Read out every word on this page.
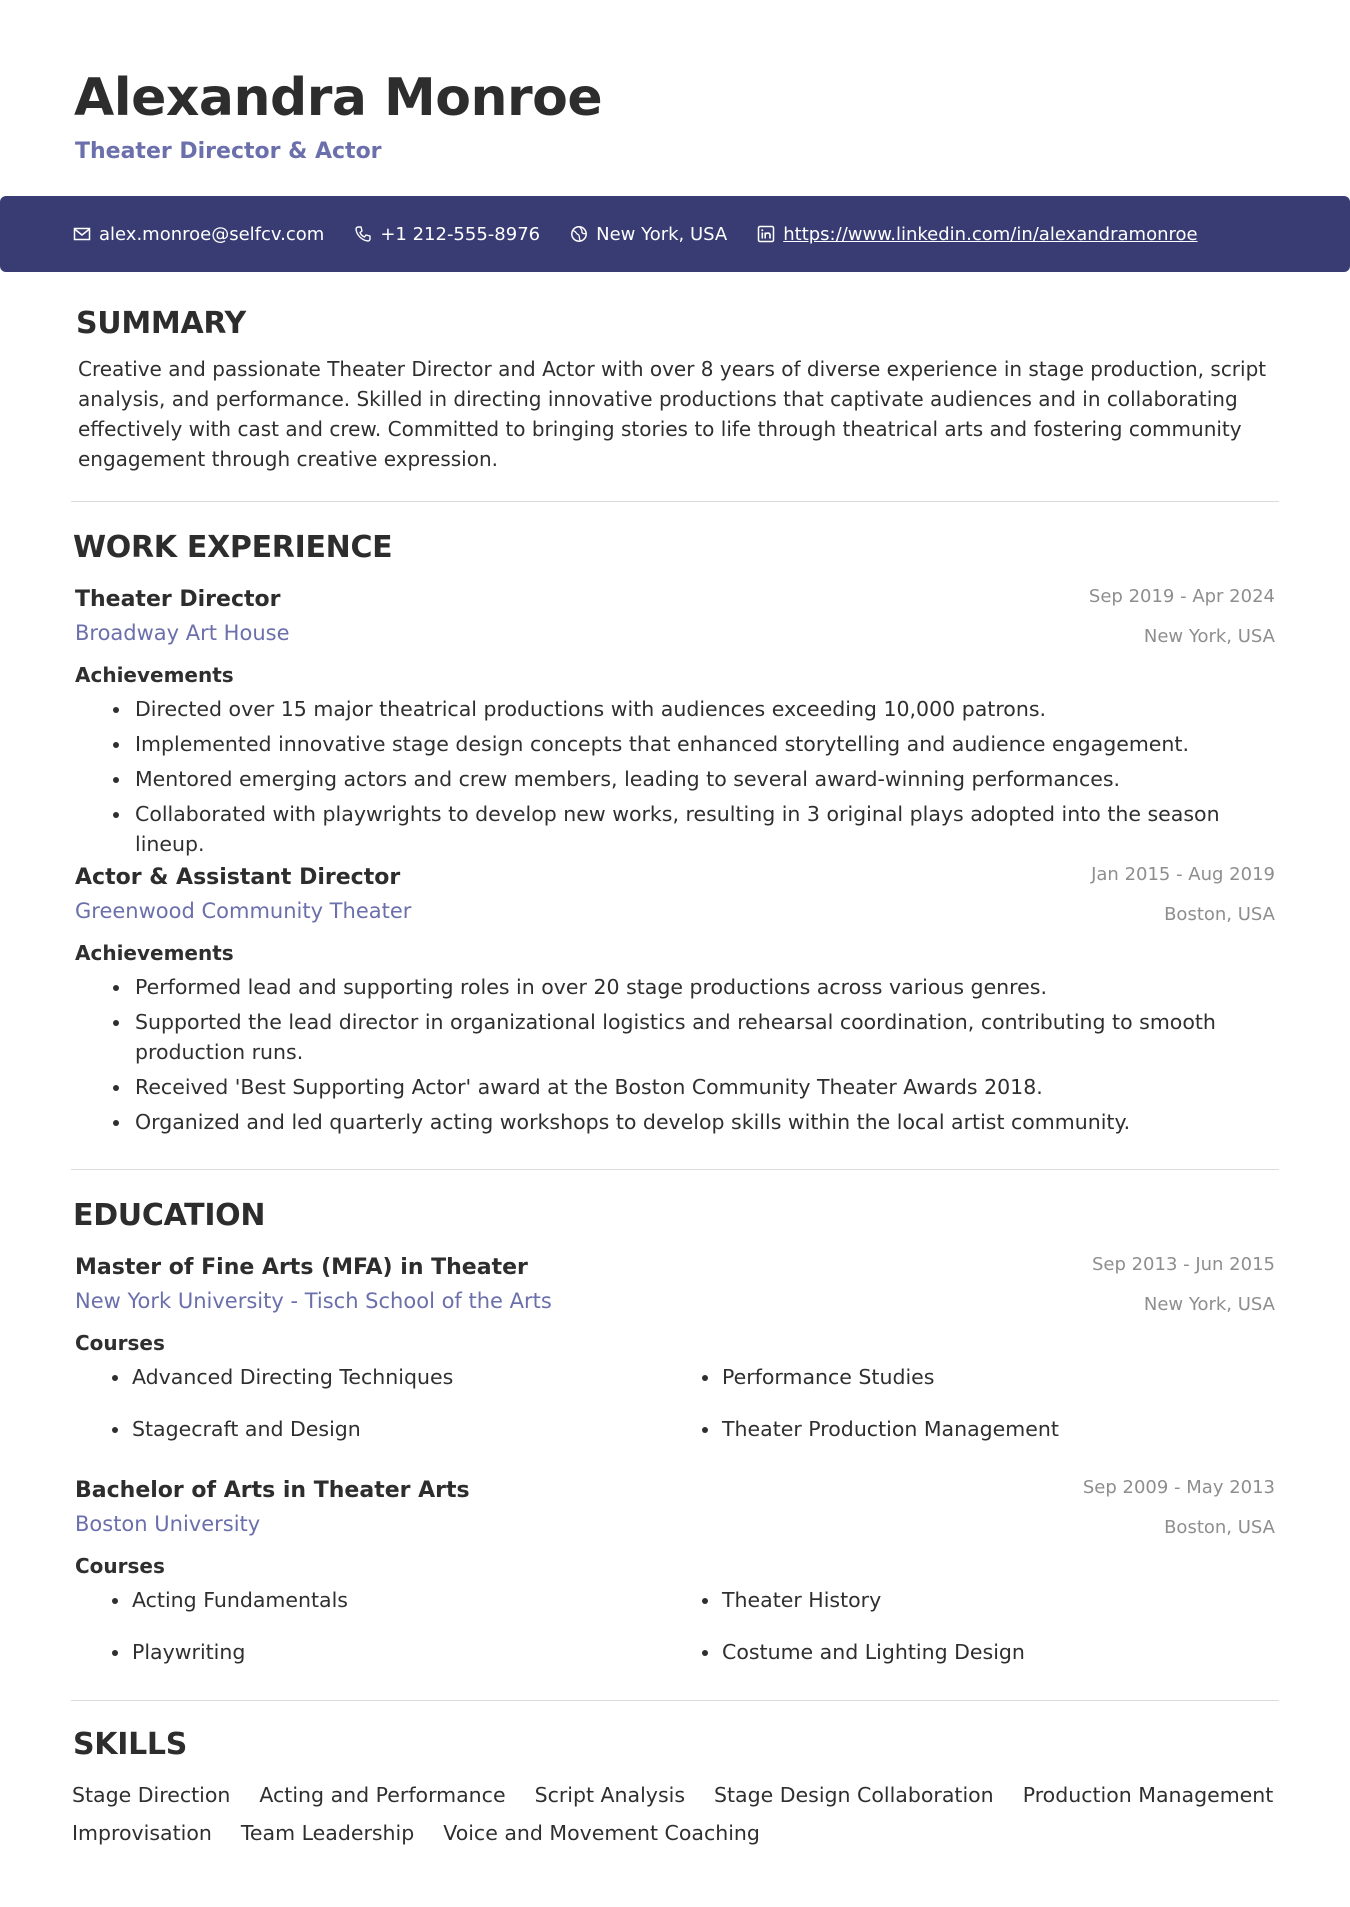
Alexandra Monroe
Theater Director & Actor
alex.monroe@selfcv.com	+1 212-555-8976	New York, USA	https://www.linkedin.com/in/alexandramonroe
SUMMARY
Creative and passionate Theater Director and Actor with over 8 years of diverse experience in stage production, script analysis, and performance. Skilled in directing innovative productions that captivate audiences and in collaborating effectively with cast and crew. Committed to bringing stories to life through theatrical arts and fostering community engagement through creative expression.
WORK EXPERIENCE
Theater Director
Broadway Art House
Sep 2019 - Apr 2024
New York, USA
Achievements
• Directed over 15 major theatrical productions with audiences exceeding 10,000 patrons.
• Implemented innovative stage design concepts that enhanced storytelling and audience engagement.
• Mentored emerging actors and crew members, leading to several award-winning performances.
• Collaborated with playwrights to develop new works, resulting in 3 original plays adopted into the season lineup.
Actor & Assistant Director
Greenwood Community Theater
Jan 2015 - Aug 2019
Boston, USA
Achievements
• Performed lead and supporting roles in over 20 stage productions across various genres.
• Supported the lead director in organizational logistics and rehearsal coordination, contributing to smooth production runs.
• Received 'Best Supporting Actor' award at the Boston Community Theater Awards 2018.
• Organized and led quarterly acting workshops to develop skills within the local artist community.
EDUCATION
Master of Fine Arts (MFA) in Theater
New York University - Tisch School of the Arts
Sep 2013 - Jun 2015
New York, USA
Courses
Advanced Directing Techniques	Performance Studies
Stagecraft and Design	Theater Production Management
Bachelor of Arts in Theater Arts
Boston University
Sep 2009 - May 2013
Boston, USA
Courses
Acting Fundamentals	Theater History
Playwriting	Costume and Lighting Design
SKILLS
Stage Direction Acting and Performance Script Analysis Stage Design Collaboration Production Management
Improvisation Team Leadership Voice and Movement Coaching
